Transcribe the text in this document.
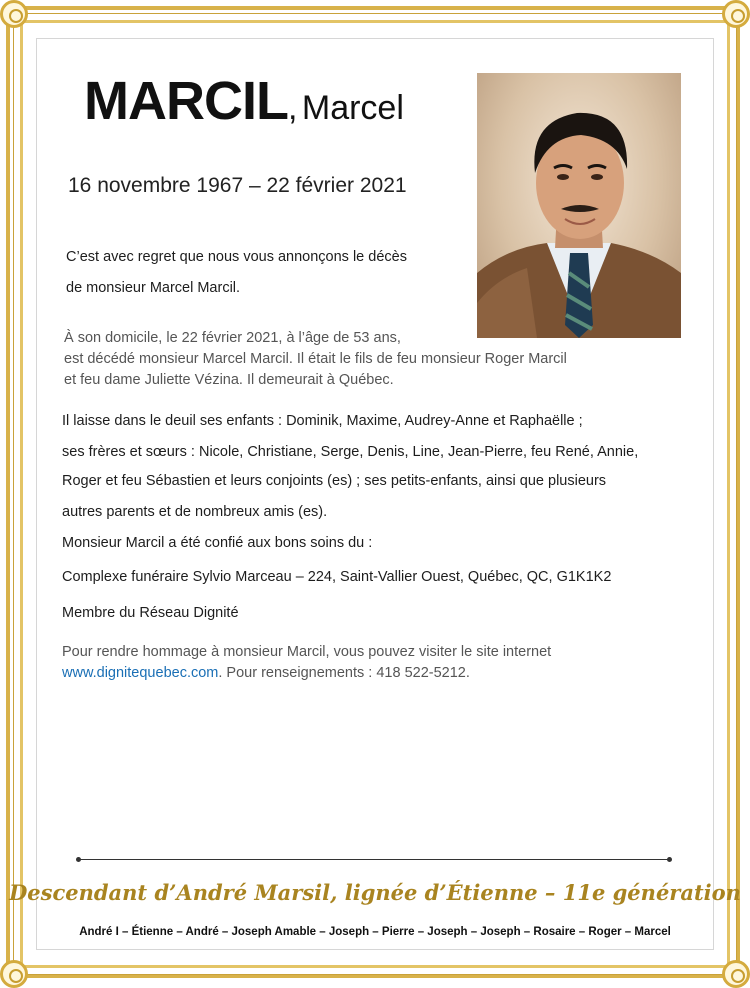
MARCIL, Marcel
16 novembre 1967 – 22 février 2021
C’est avec regret que nous vous annonçons le décès
de monsieur Marcel Marcil.
À son domicile, le 22 février 2021, à l’âge de 53 ans,
est décédé monsieur Marcel Marcil. Il était le fils de feu monsieur Roger Marcil
et feu dame Juliette Vézina. Il demeurait à Québec.
Il laisse dans le deuil ses enfants : Dominik, Maxime, Audrey-Anne et Raphaëlle ;
ses frères et sœurs : Nicole, Christiane, Serge, Denis, Line, Jean-Pierre, feu René, Annie,
Roger et feu Sébastien et leurs conjoints (es) ; ses petits-enfants, ainsi que plusieurs
autres parents et de nombreux amis (es).
Monsieur Marcil a été confié aux bons soins du :
Complexe funéraire Sylvio Marceau – 224, Saint-Vallier Ouest, Québec, QC, G1K1K2
Membre du Réseau Dignité
Pour rendre hommage à monsieur Marcil, vous pouvez visiter le site internet
www.dignitequebec.com. Pour renseignements : 418 522-5212.
Descendant d’André Marsil, lignée d’Étienne – 11e génération
André I – Étienne – André – Joseph Amable – Joseph – Pierre – Joseph – Joseph – Rosaire – Roger – Marcel
